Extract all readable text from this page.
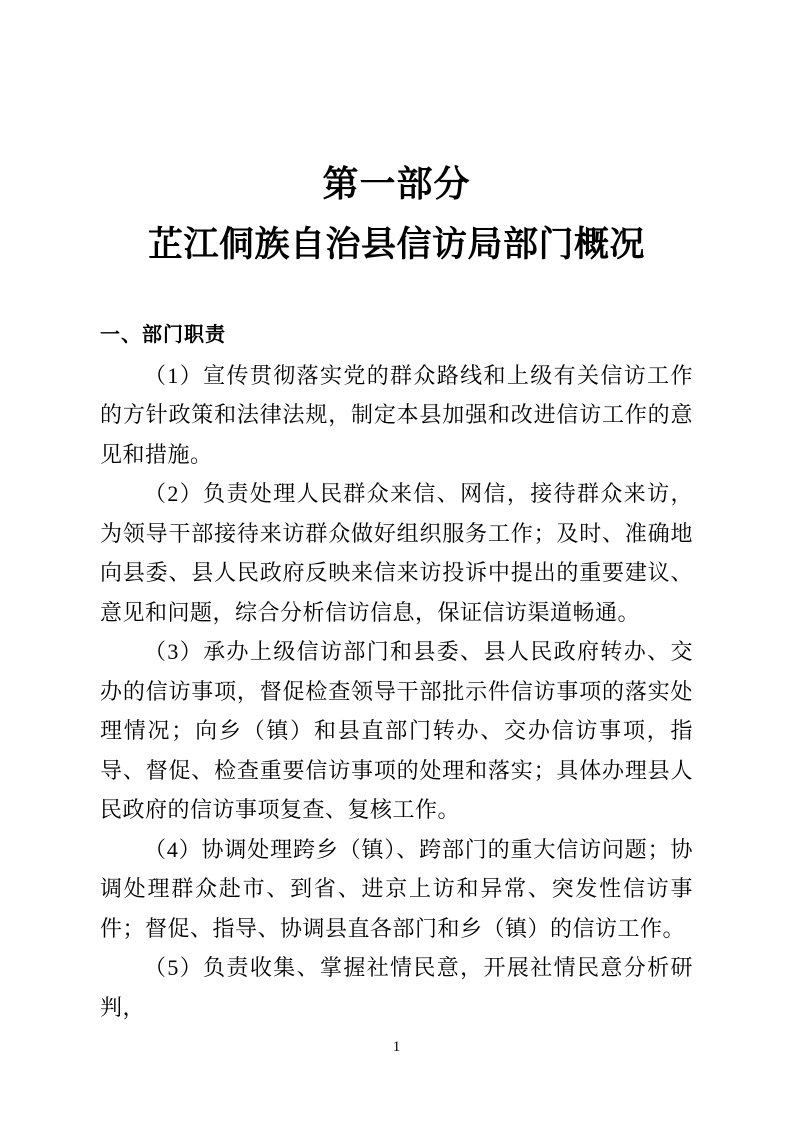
第一部分
芷江侗族自治县信访局部门概况
一、部门职责

（1）宣传贯彻落实党的群众路线和上级有关信访工作的方针政策和法律法规，制定本县加强和改进信访工作的意见和措施。

（2）负责处理人民群众来信、网信，接待群众来访，为领导干部接待来访群众做好组织服务工作；及时、准确地向县委、县人民政府反映来信来访投诉中提出的重要建议、意见和问题，综合分析信访信息，保证信访渠道畅通。

（3）承办上级信访部门和县委、县人民政府转办、交办的信访事项，督促检查领导干部批示件信访事项的落实处理情况；向乡（镇）和县直部门转办、交办信访事项，指导、督促、检查重要信访事项的处理和落实；具体办理县人民政府的信访事项复查、复核工作。

（4）协调处理跨乡（镇）、跨部门的重大信访问题；协调处理群众赴市、到省、进京上访和异常、突发性信访事件；督促、指导、协调县直各部门和乡（镇）的信访工作。

（5）负责收集、掌握社情民意，开展社情民意分析研判，

1
